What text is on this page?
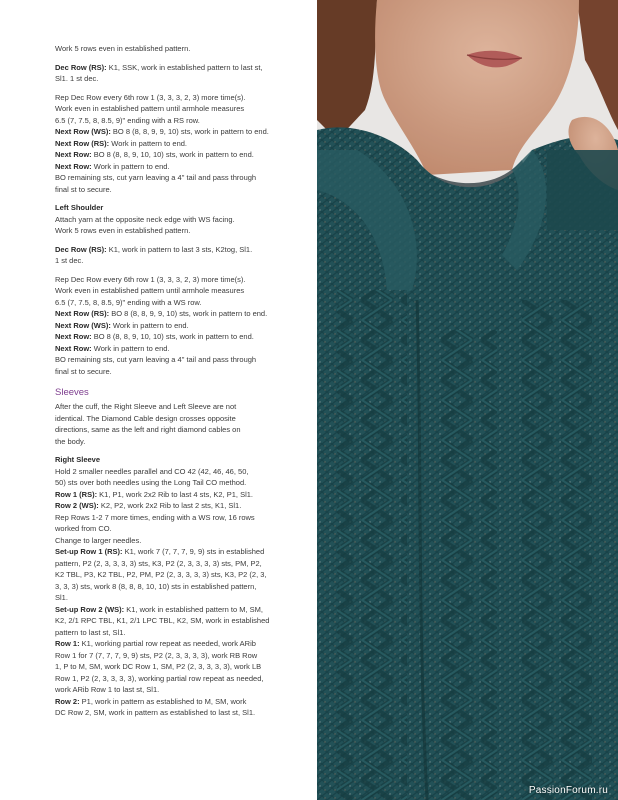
Work 5 rows even in established pattern.

Dec Row (RS): K1, SSK, work in established pattern to last st,
Sl1. 1 st dec.

Rep Dec Row every 6th row 1 (3, 3, 3, 2, 3) more time(s).
Work even in established pattern until armhole measures
6.5 (7, 7.5, 8, 8.5, 9)" ending with a RS row.
Next Row (WS): BO 8 (8, 8, 9, 9, 10) sts, work in pattern to end.
Next Row (RS): Work in pattern to end.
Next Row: BO 8 (8, 8, 9, 10, 10) sts, work in pattern to end.
Next Row: Work in pattern to end.
BO remaining sts, cut yarn leaving a 4" tail and pass through
final st to secure.

Left Shoulder
Attach yarn at the opposite neck edge with WS facing.
Work 5 rows even in established pattern.

Dec Row (RS): K1, work in pattern to last 3 sts, K2tog, Sl1.
1 st dec.

Rep Dec Row every 6th row 1 (3, 3, 3, 2, 3) more time(s).
Work even in established pattern until armhole measures
6.5 (7, 7.5, 8, 8.5, 9)" ending with a WS row.
Next Row (RS): BO 8 (8, 8, 9, 9, 10) sts, work in pattern to end.
Next Row (WS): Work in pattern to end.
Next Row: BO 8 (8, 8, 9, 10, 10) sts, work in pattern to end.
Next Row: Work in pattern to end.
BO remaining sts, cut yarn leaving a 4" tail and pass through
final st to secure.

Sleeves

After the cuff, the Right Sleeve and Left Sleeve are not
identical. The Diamond Cable design crosses opposite
directions, same as the left and right diamond cables on
the body.

Right Sleeve
Hold 2 smaller needles parallel and CO 42 (42, 46, 46, 50,
50) sts over both needles using the Long Tail CO method.
Row 1 (RS): K1, P1, work 2x2 Rib to last 4 sts, K2, P1, Sl1.
Row 2 (WS): K2, P2, work 2x2 Rib to last 2 sts, K1, Sl1.
Rep Rows 1-2 7 more times, ending with a WS row, 16 rows
worked from CO.
Change to larger needles.
Set-up Row 1 (RS): K1, work 7 (7, 7, 7, 9, 9) sts in established
pattern, P2 (2, 3, 3, 3, 3) sts, K3, P2 (2, 3, 3, 3, 3) sts, PM, P2,
K2 TBL, P3, K2 TBL, P2, PM, P2 (2, 3, 3, 3, 3) sts, K3, P2 (2, 3,
3, 3, 3) sts, work 8 (8, 8, 8, 10, 10) sts in established pattern,
Sl1.
Set-up Row 2 (WS): K1, work in established pattern to M, SM,
K2, 2/1 RPC TBL, K1, 2/1 LPC TBL, K2, SM, work in established
pattern to last st, Sl1.
Row 1: K1, working partial row repeat as needed, work ARib
Row 1 for 7 (7, 7, 7, 9, 9) sts, P2 (2, 3, 3, 3, 3), work RB Row
1, P to M, SM, work DC Row 1, SM, P2 (2, 3, 3, 3, 3), work LB
Row 1, P2 (2, 3, 3, 3, 3), working partial row repeat as needed,
work ARib Row 1 to last st, Sl1.
Row 2: P1, work in pattern as established to M, SM, work
DC Row 2, SM, work in pattern as established to last st, Sl1.

PassionForum.ru
